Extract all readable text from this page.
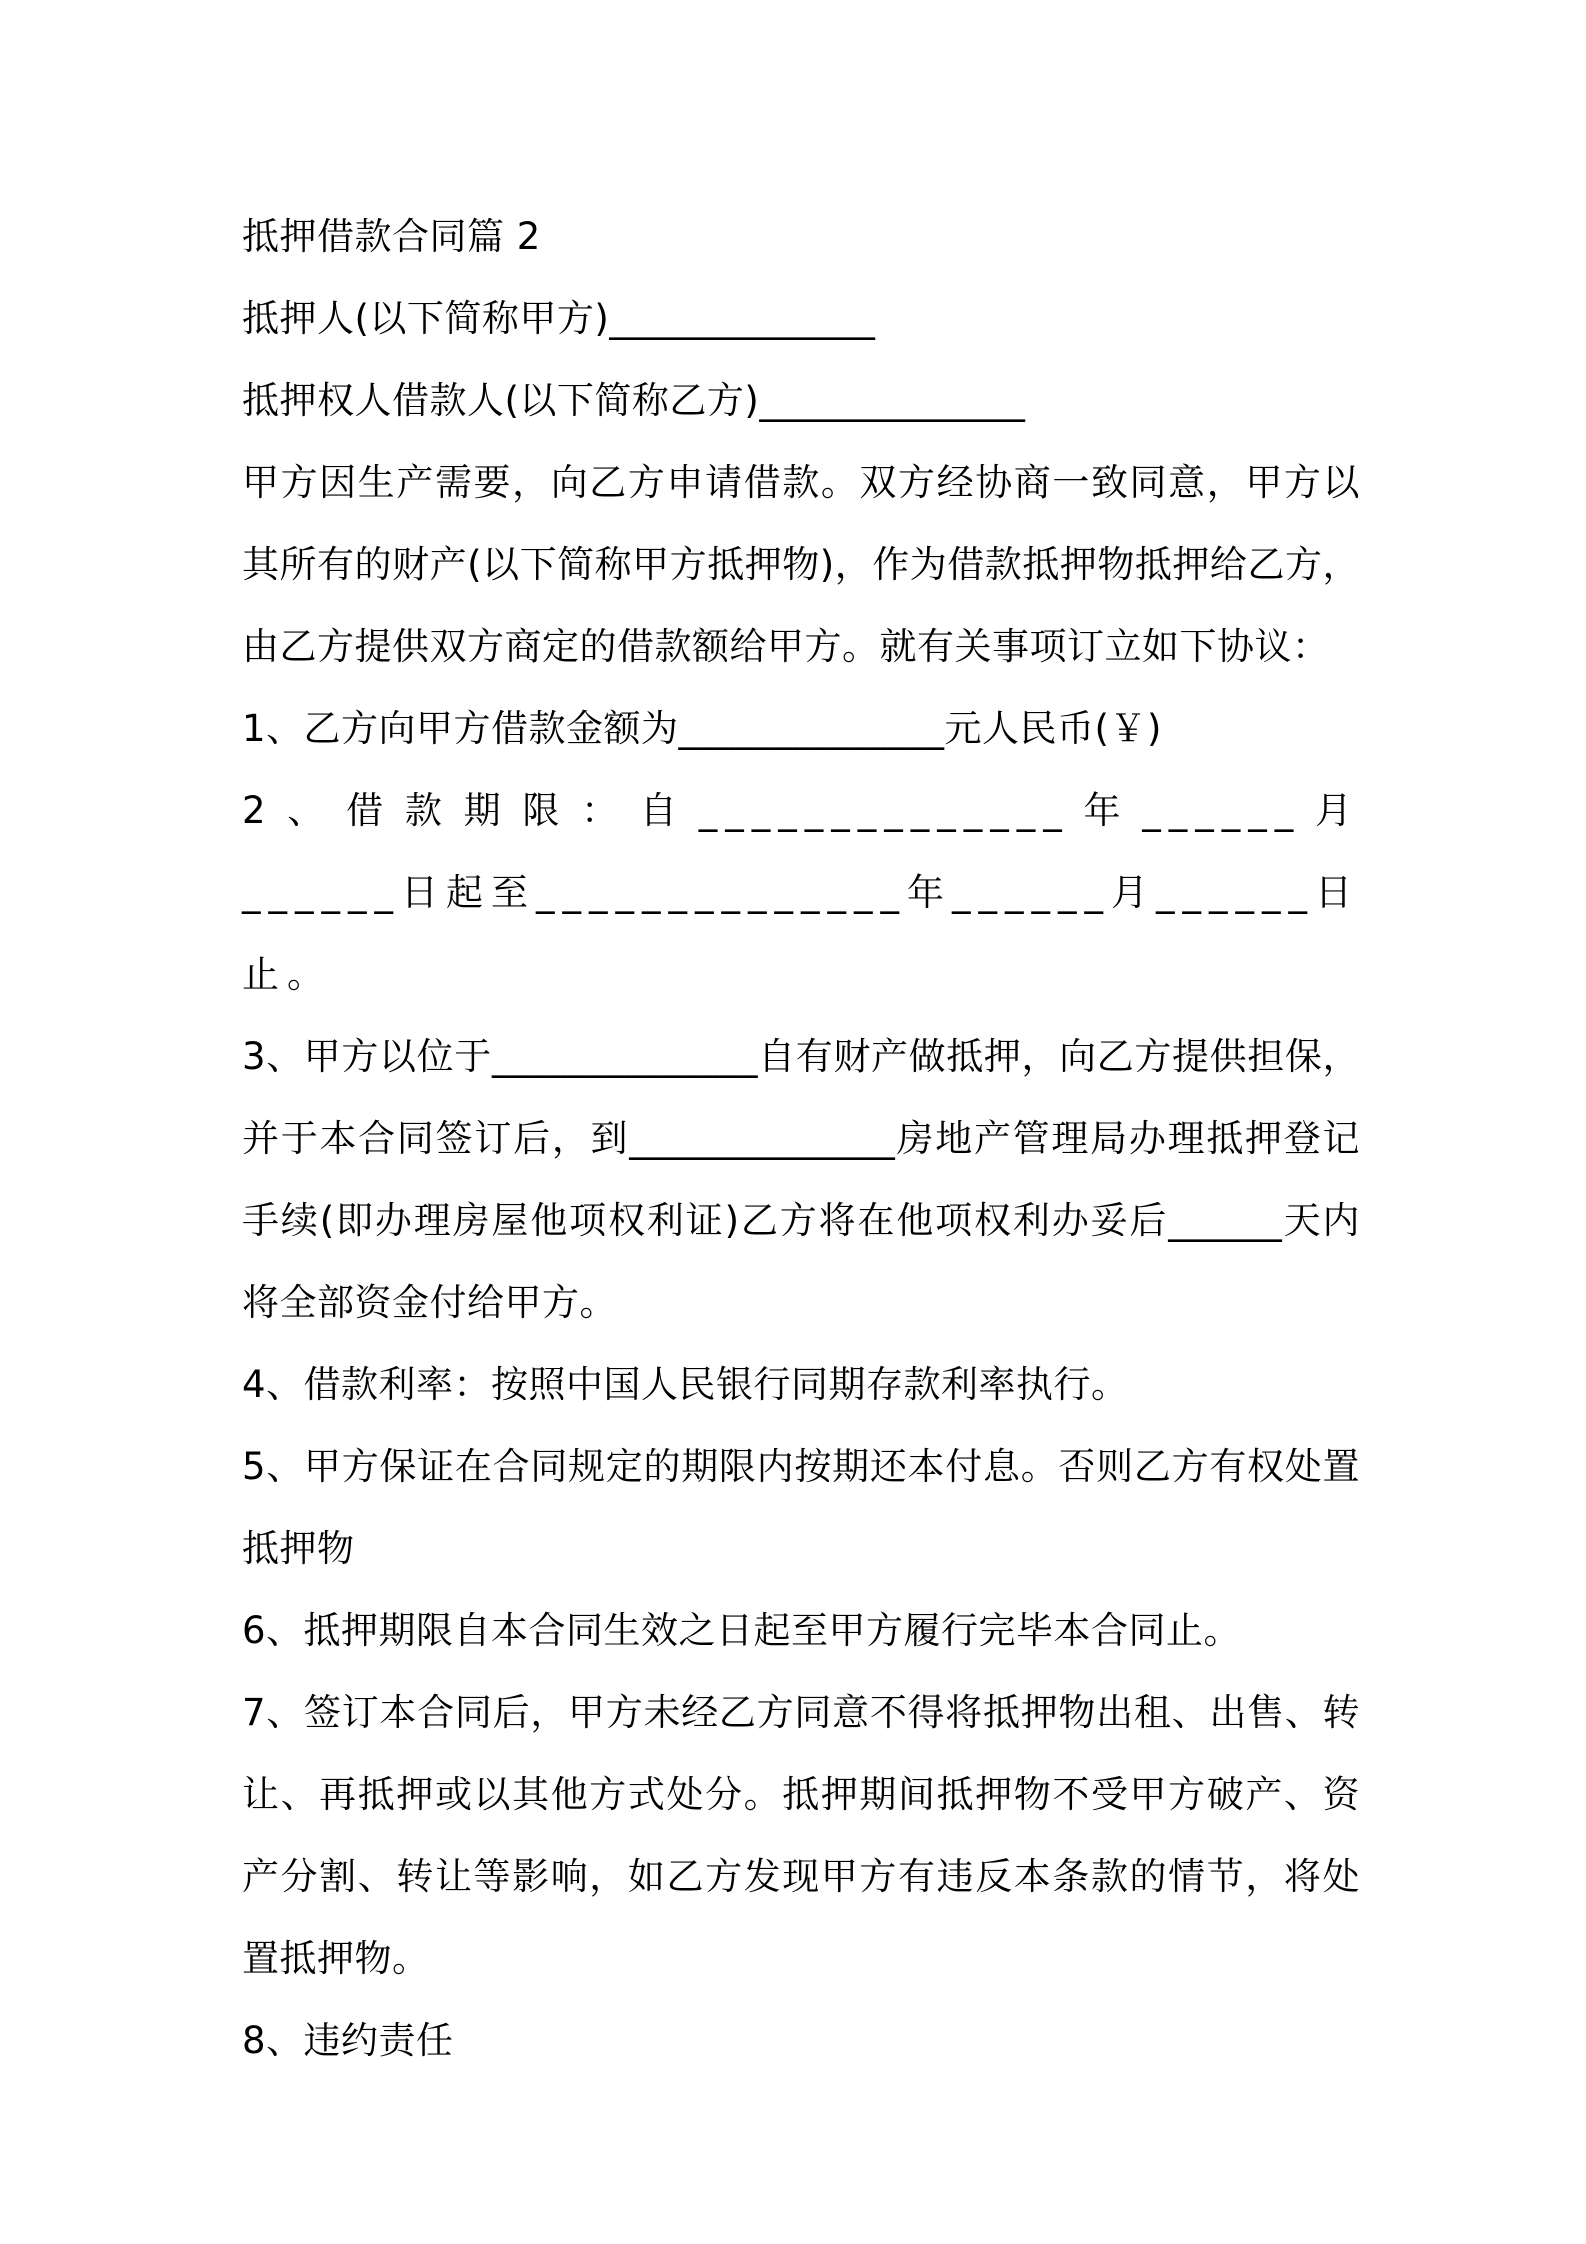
抵押借款合同篇 2

抵押人(以下简称甲方)______________

抵押权人借款人(以下简称乙方)______________

甲方因生产需要，向乙方申请借款。双方经协商一致同意，甲方以其所有的财产(以下简称甲方抵押物)，作为借款抵押物抵押给乙方，由乙方提供双方商定的借款额给甲方。就有关事项订立如下协议：

1、乙方向甲方借款金额为______________元人民币(￥)

2、借款期限：自______________年______月______日起至______________年______月______日止。

3、甲方以位于______________自有财产做抵押，向乙方提供担保，并于本合同签订后，到______________房地产管理局办理抵押登记手续(即办理房屋他项权利证)乙方将在他项权利办妥后______天内将全部资金付给甲方。

4、借款利率：按照中国人民银行同期存款利率执行。

5、甲方保证在合同规定的期限内按期还本付息。否则乙方有权处置抵押物

6、抵押期限自本合同生效之日起至甲方履行完毕本合同止。

7、签订本合同后，甲方未经乙方同意不得将抵押物出租、出售、转让、再抵押或以其他方式处分。抵押期间抵押物不受甲方破产、资产分割、转让等影响，如乙方发现甲方有违反本条款的情节，将处置抵押物。

8、违约责任
